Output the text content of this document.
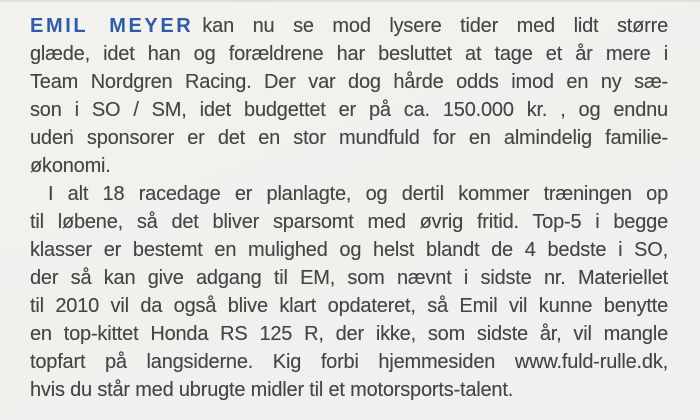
EMIL MEYER kan nu se mod lysere tider med lidt større
glæde, idet han og forældrene har besluttet at tage et år mere i
Team Nordgren Racing. Der var dog hårde odds imod en ny sæ-
son i SO / SM, idet budgettet er på ca. 150.000 kr. , og endnu
uden sponsorer er det en stor mundfuld for en almindelig familie-
økonomi.
I alt 18 racedage er planlagte, og dertil kommer træningen op
til løbene, så det bliver sparsomt med øvrig fritid. Top-5 i begge
klasser er bestemt en mulighed og helst blandt de 4 bedste i SO,
der så kan give adgang til EM, som nævnt i sidste nr. Materiellet
til 2010 vil da også blive klart opdateret, så Emil vil kunne benytte
en top-kittet Honda RS 125 R, der ikke, som sidste år, vil mangle
topfart på langsiderne. Kig forbi hjemmesiden www.fuld-rulle.dk,
hvis du står med ubrugte midler til et motorsports-talent.
